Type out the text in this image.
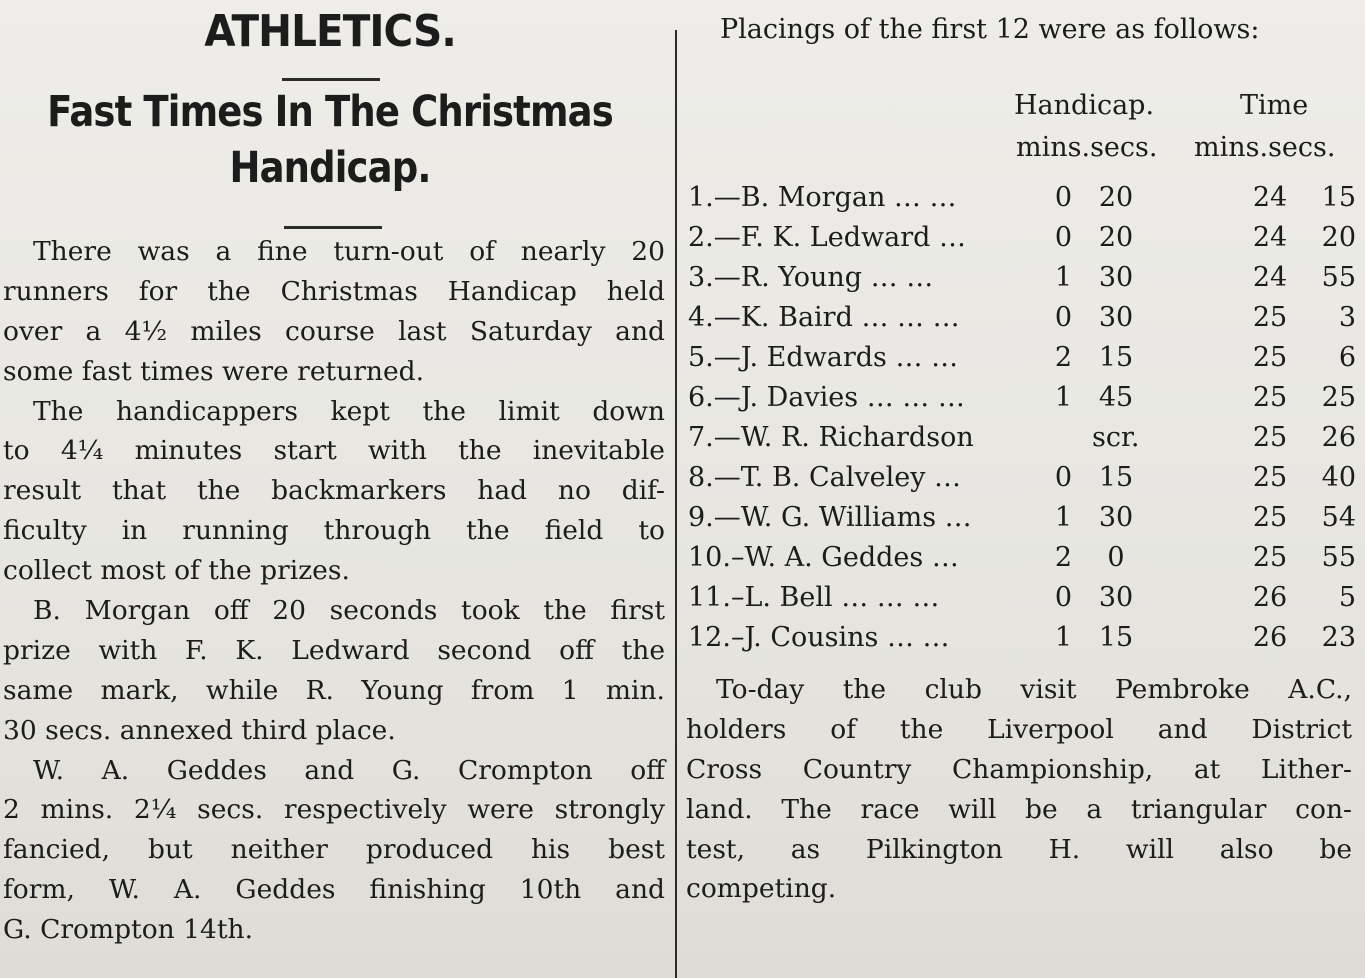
ATHLETICS.
Fast Times In The Christmas
Handicap.
There was a fine turn-out of nearly 20
runners for the Christmas Handicap held
over a 4½ miles course last Saturday and
some fast times were returned.
The handicappers kept the limit down
to 4¼ minutes start with the inevitable
result that the backmarkers had no dif-
ficulty in running through the field to
collect most of the prizes.
B. Morgan off 20 seconds took the first
prize with F. K. Ledward second off the
same mark, while R. Young from 1 min.
30 secs. annexed third place.
W. A. Geddes and G. Crompton off
2 mins. 2¼ secs. respectively were strongly
fancied, but neither produced his best
form, W. A. Geddes finishing 10th and
G. Crompton 14th.
Placings of the first 12 were as follows:
Handicap.
mins.secs.
Time
mins.secs.
1.—B. Morgan … …	0 20	24	15
2.—F. K. Ledward …	0 20	24	20
3.—R. Young … …	1 30	24	55
4.—K. Baird … … …	0 30	25	3
5.—J. Edwards … …	2 15	25	6
6.—J. Davies … … …	1 45	25	25
7.—W. R. Richardson	scr.	25	26
8.—T. B. Calveley …	0 15	25	40
9.—W. G. Williams …	1 30	25	54
10.–W. A. Geddes …	2	0	25	55
11.–L. Bell … … …	0 30	26	5
12.–J. Cousins … …	1 15	26	23
To-day the club visit Pembroke A.C.,
holders of the Liverpool and District
Cross Country Championship, at Lither-
land. The race will be a triangular con-
test, as Pilkington H. will also be
competing.
